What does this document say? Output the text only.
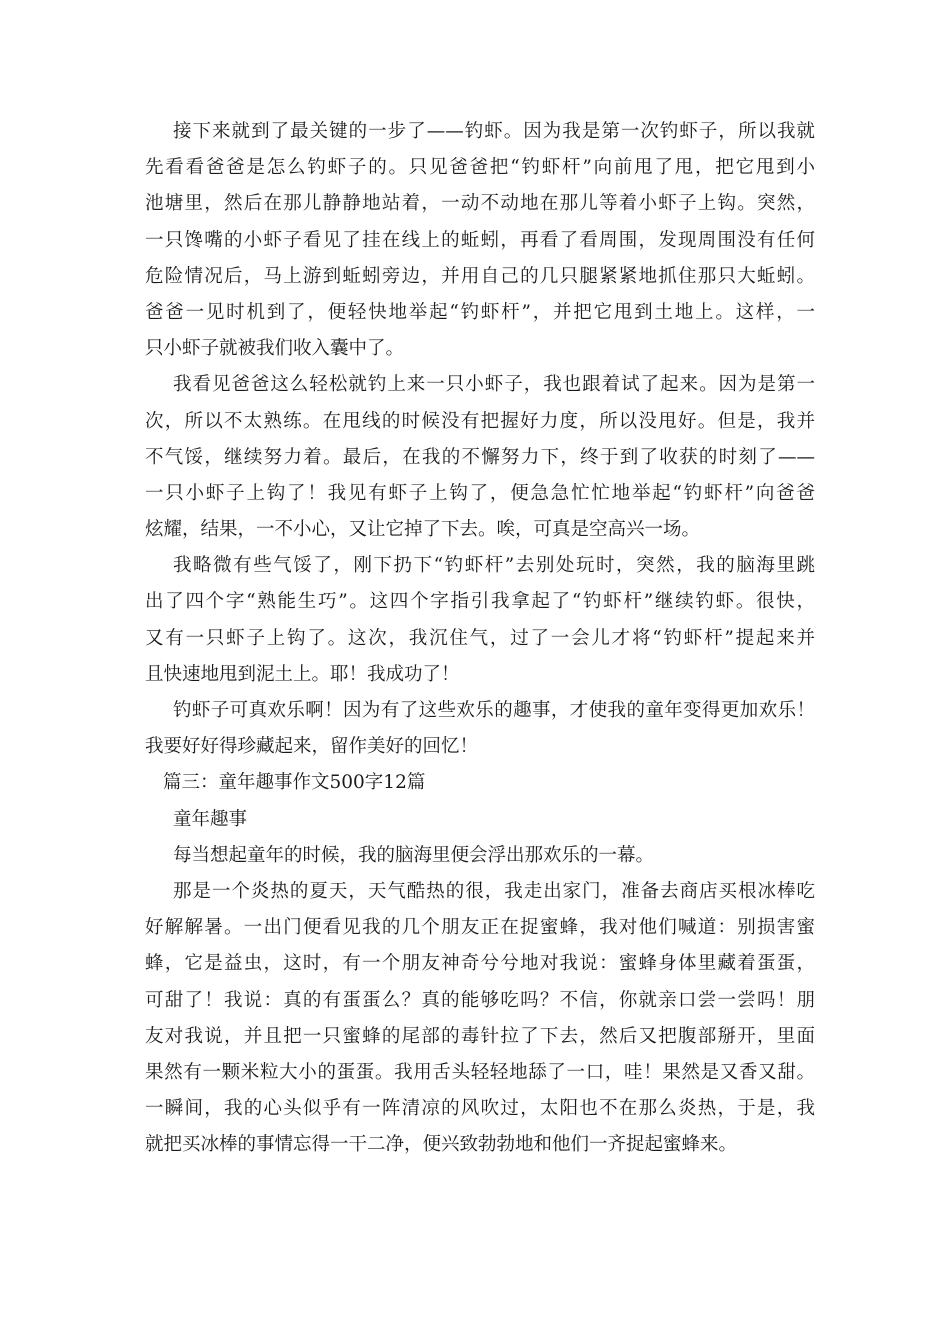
接下来就到了最关键的一步了——钓虾。因为我是第一次钓虾子，所以我就
先看看爸爸是怎么钓虾子的。只见爸爸把“钓虾杆”向前甩了甩，把它甩到小
池塘里，然后在那儿静静地站着，一动不动地在那儿等着小虾子上钩。突然，
一只馋嘴的小虾子看见了挂在线上的蚯蚓，再看了看周围，发现周围没有任何
危险情况后，马上游到蚯蚓旁边，并用自己的几只腿紧紧地抓住那只大蚯蚓。
爸爸一见时机到了，便轻快地举起“钓虾杆”，并把它甩到土地上。这样，一
只小虾子就被我们收入囊中了。
我看见爸爸这么轻松就钓上来一只小虾子，我也跟着试了起来。因为是第一
次，所以不太熟练。在甩线的时候没有把握好力度，所以没甩好。但是，我并
不气馁，继续努力着。最后，在我的不懈努力下，终于到了收获的时刻了——
一只小虾子上钩了！我见有虾子上钩了，便急急忙忙地举起“钓虾杆”向爸爸
炫耀，结果，一不小心，又让它掉了下去。唉，可真是空高兴一场。
我略微有些气馁了，刚下扔下“钓虾杆”去别处玩时，突然，我的脑海里跳
出了四个字“熟能生巧”。这四个字指引我拿起了“钓虾杆”继续钓虾。很快，
又有一只虾子上钩了。这次，我沉住气，过了一会儿才将“钓虾杆”提起来并
且快速地甩到泥土上。耶！我成功了！
钓虾子可真欢乐啊！因为有了这些欢乐的趣事，才使我的童年变得更加欢乐！
我要好好得珍藏起来，留作美好的回忆！
篇三：童年趣事作文500字12篇
童年趣事
每当想起童年的时候，我的脑海里便会浮出那欢乐的一幕。
那是一个炎热的夏天，天气酷热的很，我走出家门，准备去商店买根冰棒吃
好解解暑。一出门便看见我的几个朋友正在捉蜜蜂，我对他们喊道：别损害蜜
蜂，它是益虫，这时，有一个朋友神奇兮兮地对我说：蜜蜂身体里藏着蛋蛋，
可甜了！我说：真的有蛋蛋么？真的能够吃吗？不信，你就亲口尝一尝吗！朋
友对我说，并且把一只蜜蜂的尾部的毒针拉了下去，然后又把腹部掰开，里面
果然有一颗米粒大小的蛋蛋。我用舌头轻轻地舔了一口，哇！果然是又香又甜。
一瞬间，我的心头似乎有一阵清凉的风吹过，太阳也不在那么炎热，于是，我
就把买冰棒的事情忘得一干二净，便兴致勃勃地和他们一齐捉起蜜蜂来。
